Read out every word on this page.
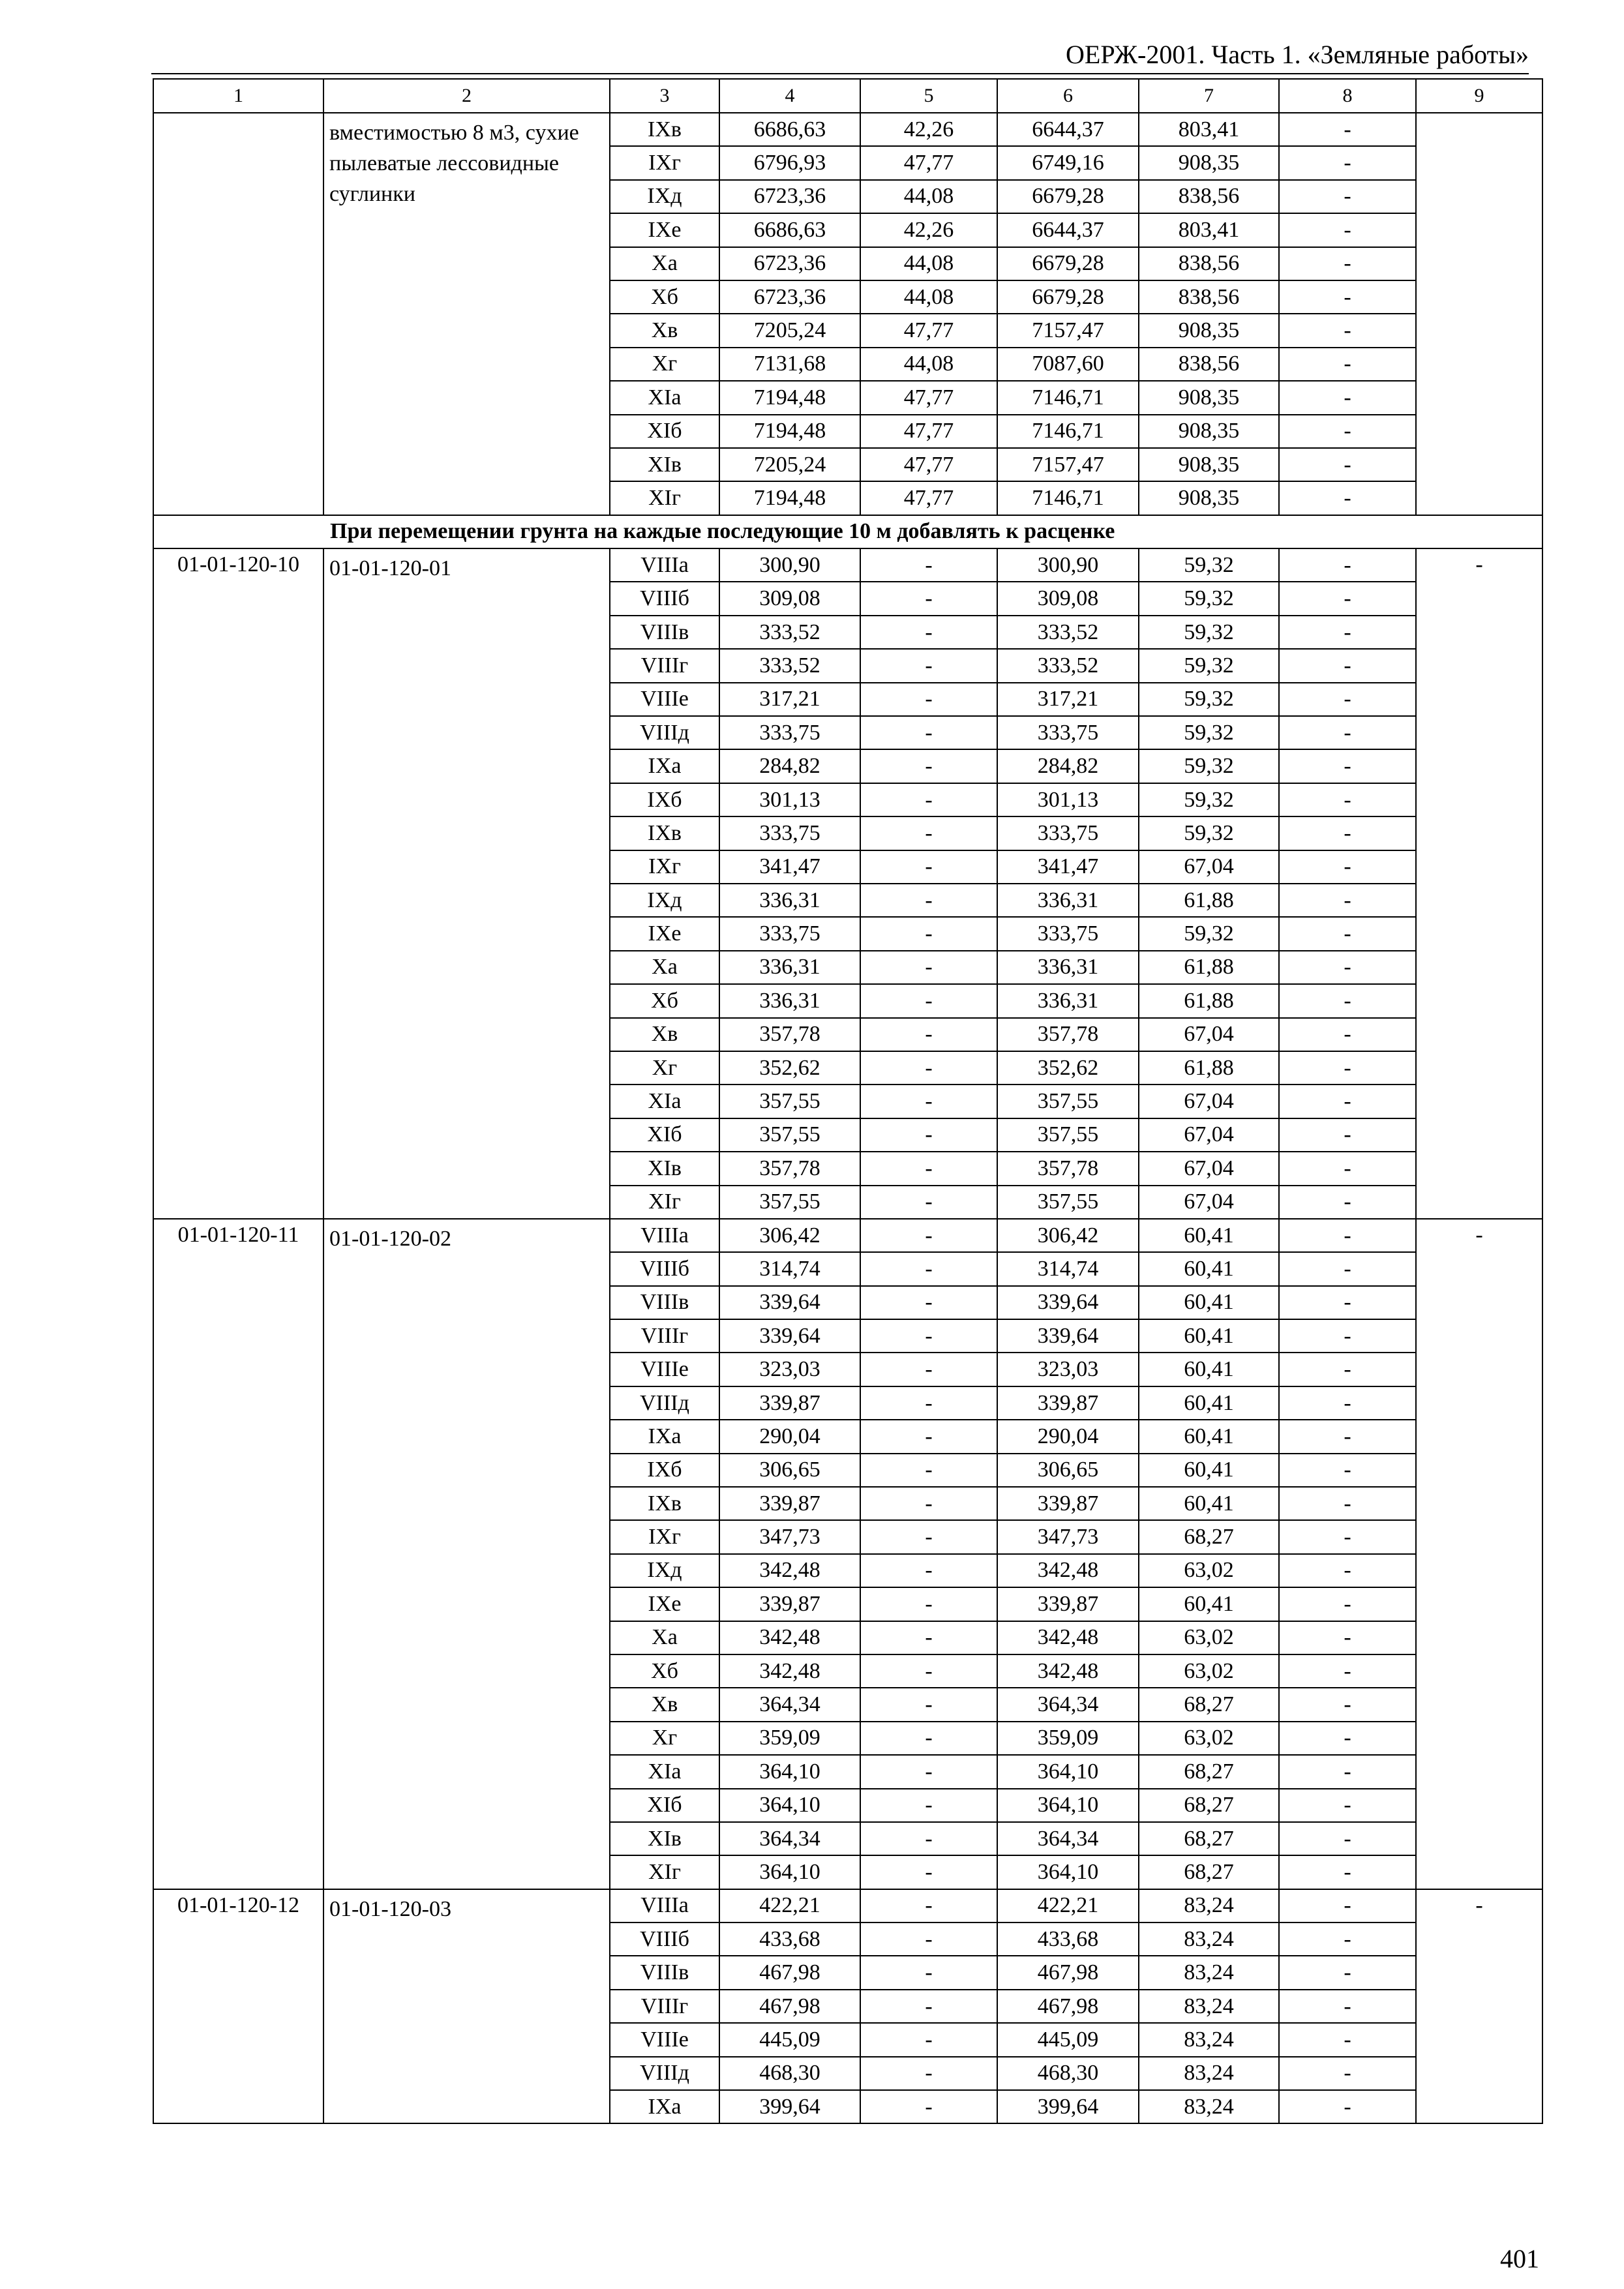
ОЕРЖ-2001. Часть 1. «Земляные работы»
1	2	3	4	5	6	7	8	9
	вместимостью 8 м3, сухие пылеватые лессовидные суглинки	IXв	6686,63	42,26	6644,37	803,41	-	
		IXг	6796,93	47,77	6749,16	908,35	-	
		IXд	6723,36	44,08	6679,28	838,56	-	
		IXе	6686,63	42,26	6644,37	803,41	-	
		Xа	6723,36	44,08	6679,28	838,56	-	
		Xб	6723,36	44,08	6679,28	838,56	-	
		Xв	7205,24	47,77	7157,47	908,35	-	
		Xг	7131,68	44,08	7087,60	838,56	-	
		XIа	7194,48	47,77	7146,71	908,35	-	
		XIб	7194,48	47,77	7146,71	908,35	-	
		XIв	7205,24	47,77	7157,47	908,35	-	
		XIг	7194,48	47,77	7146,71	908,35	-	
При перемещении грунта на каждые последующие 10 м добавлять к расценке								
01-01-120-10	01-01-120-01	VIIIа	300,90	-	300,90	59,32	-	-
		VIIIб	309,08	-	309,08	59,32	-	
		VIIIв	333,52	-	333,52	59,32	-	
		VIIIг	333,52	-	333,52	59,32	-	
		VIIIе	317,21	-	317,21	59,32	-	
		VIIIд	333,75	-	333,75	59,32	-	
		IXа	284,82	-	284,82	59,32	-	
		IXб	301,13	-	301,13	59,32	-	
		IXв	333,75	-	333,75	59,32	-	
		IXг	341,47	-	341,47	67,04	-	
		IXд	336,31	-	336,31	61,88	-	
		IXе	333,75	-	333,75	59,32	-	
		Xа	336,31	-	336,31	61,88	-	
		Xб	336,31	-	336,31	61,88	-	
		Xв	357,78	-	357,78	67,04	-	
		Xг	352,62	-	352,62	61,88	-	
		XIа	357,55	-	357,55	67,04	-	
		XIб	357,55	-	357,55	67,04	-	
		XIв	357,78	-	357,78	67,04	-	
		XIг	357,55	-	357,55	67,04	-	
01-01-120-11	01-01-120-02	VIIIа	306,42	-	306,42	60,41	-	-
		VIIIб	314,74	-	314,74	60,41	-	
		VIIIв	339,64	-	339,64	60,41	-	
		VIIIг	339,64	-	339,64	60,41	-	
		VIIIе	323,03	-	323,03	60,41	-	
		VIIIд	339,87	-	339,87	60,41	-	
		IXа	290,04	-	290,04	60,41	-	
		IXб	306,65	-	306,65	60,41	-	
		IXв	339,87	-	339,87	60,41	-	
		IXг	347,73	-	347,73	68,27	-	
		IXд	342,48	-	342,48	63,02	-	
		IXе	339,87	-	339,87	60,41	-	
		Xа	342,48	-	342,48	63,02	-	
		Xб	342,48	-	342,48	63,02	-	
		Xв	364,34	-	364,34	68,27	-	
		Xг	359,09	-	359,09	63,02	-	
		XIа	364,10	-	364,10	68,27	-	
		XIб	364,10	-	364,10	68,27	-	
		XIв	364,34	-	364,34	68,27	-	
		XIг	364,10	-	364,10	68,27	-	
01-01-120-12	01-01-120-03	VIIIа	422,21	-	422,21	83,24	-	-
		VIIIб	433,68	-	433,68	83,24	-	
		VIIIв	467,98	-	467,98	83,24	-	
		VIIIг	467,98	-	467,98	83,24	-	
		VIIIе	445,09	-	445,09	83,24	-	
		VIIIд	468,30	-	468,30	83,24	-	
		IXа	399,64	-	399,64	83,24	-	
401
